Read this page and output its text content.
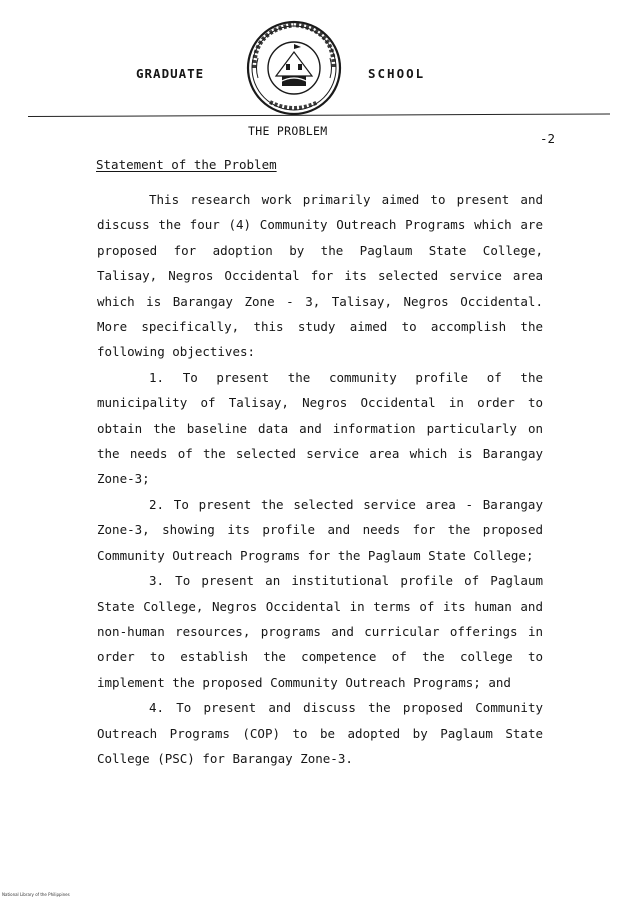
GRADUATE	SCHOOL
THE PROBLEM	-2
Statement of the Problem

This research work primarily aimed to present and discuss the four (4) Community Outreach Programs which are proposed for adoption by the Paglaum State College, Talisay, Negros Occidental for its selected service area which is Barangay Zone - 3, Talisay, Negros Occidental. More specifically, this study aimed to accomplish the following objectives:

1. To present the community profile of the municipality of Talisay, Negros Occidental in order to obtain the baseline data and information particularly on the needs of the selected service area which is Barangay Zone-3;

2. To present the selected service area - Barangay Zone-3, showing its profile and needs for the proposed Community Outreach Programs for the Paglaum State College;

3. To present an institutional profile of Paglaum State College, Negros Occidental in terms of its human and non-human resources, programs and curricular offerings in order to establish the competence of the college to implement the proposed Community Outreach Programs; and

4. To present and discuss the proposed Community Outreach Programs (COP) to be adopted by Paglaum State College (PSC) for Barangay Zone-3.

National Library of the Philippines
